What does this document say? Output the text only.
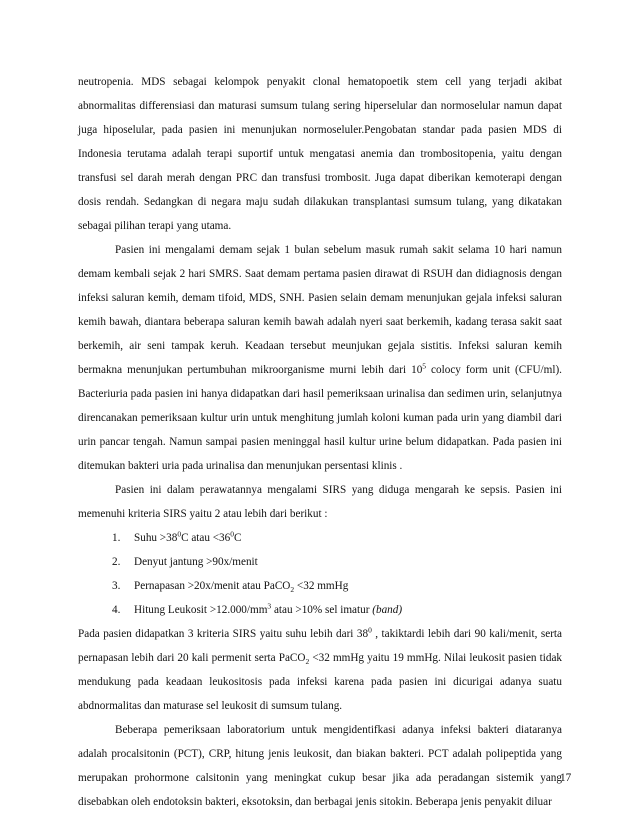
neutropenia. MDS sebagai kelompok penyakit clonal hematopoetik stem cell yang terjadi akibat abnormalitas differensiasi dan maturasi sumsum tulang sering hiperselular dan normoselular namun dapat juga hiposelular, pada pasien ini menunjukan normoseluler.Pengobatan standar pada pasien MDS di Indonesia terutama adalah terapi suportif untuk mengatasi anemia dan trombositopenia, yaitu dengan transfusi sel darah merah dengan PRC dan transfusi trombosit. Juga dapat diberikan kemoterapi dengan dosis rendah. Sedangkan di negara maju sudah dilakukan transplantasi sumsum tulang, yang dikatakan sebagai pilihan terapi yang utama.

Pasien ini mengalami demam sejak 1 bulan sebelum masuk rumah sakit selama 10 hari namun demam kembali sejak 2 hari SMRS. Saat demam pertama pasien dirawat di RSUH dan didiagnosis dengan infeksi saluran kemih, demam tifoid, MDS, SNH. Pasien selain demam menunjukan gejala infeksi saluran kemih bawah, diantara beberapa saluran kemih bawah adalah nyeri saat berkemih, kadang terasa sakit saat berkemih, air seni tampak keruh. Keadaan tersebut meunjukan gejala sistitis. Infeksi saluran kemih bermakna menunjukan pertumbuhan mikroorganisme murni lebih dari $10^5$ colocy form unit (CFU/ml). Bacteriuria pada pasien ini hanya didapatkan dari hasil pemeriksaan urinalisa dan sedimen urin, selanjutnya direncanakan pemeriksaan kultur urin untuk menghitung jumlah koloni kuman pada urin yang diambil dari urin pancar tengah. Namun sampai pasien meninggal hasil kultur urine belum didapatkan. Pada pasien ini ditemukan bakteri uria pada urinalisa dan menunjukan persentasi klinis .

Pasien ini dalam perawatannya mengalami SIRS yang diduga mengarah ke sepsis. Pasien ini memenuhi kriteria SIRS yaitu 2 atau lebih dari berikut :

1. Suhu $>38^0C$ atau $<36^0C$
2. Denyut jantung >90x/menit
3. Pernapasan >20x/menit atau PaCO$_2$ <32 mmHg
4. Hitung Leukosit $>12.000/mm^3$ atau >10% sel imatur (band)

Pada pasien didapatkan 3 kriteria SIRS yaitu suhu lebih dari $38^0$ , takiktardi lebih dari 90 kali/menit, serta pernapasan lebih dari 20 kali permenit serta PaCO$_2$ <32 mmHg yaitu 19 mmHg. Nilai leukosit pasien tidak mendukung pada keadaan leukositosis pada infeksi karena pada pasien ini dicurigai adanya suatu abdnormalitas dan maturase sel leukosit di sumsum tulang.

Beberapa pemeriksaan laboratorium untuk mengidentifkasi adanya infeksi bakteri diataranya adalah procalsitonin (PCT), CRP, hitung jenis leukosit, dan biakan bakteri. PCT adalah polipeptida yang merupakan prohormone calsitonin yang meningkat cukup besar jika ada peradangan sistemik yang disebabkan oleh endotoksin bakteri, eksotoksin, dan berbagai jenis sitokin. Beberapa jenis penyakit diluar

17
